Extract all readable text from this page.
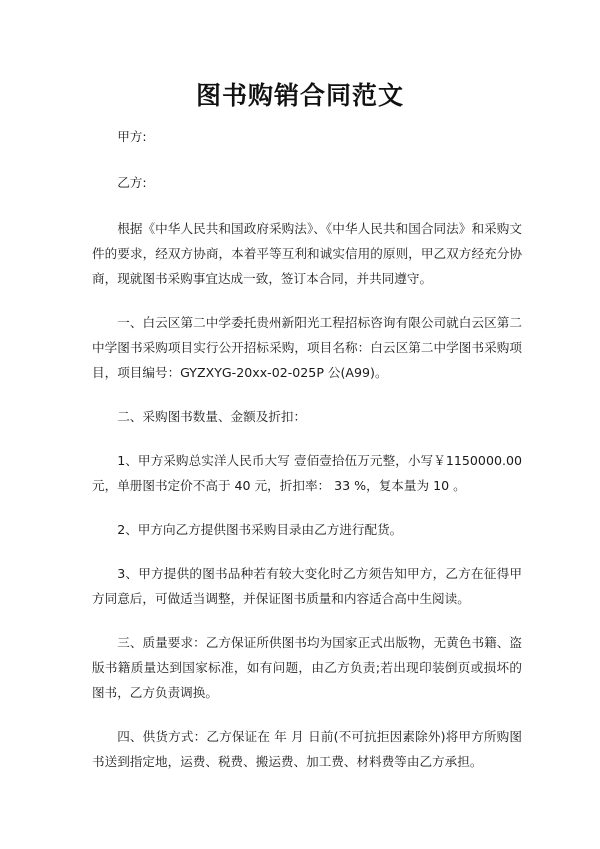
图书购销合同范文

甲方:

乙方:

根据《中华人民共和国政府采购法》、《中华人民共和国合同法》和采购文件的要求，经双方协商，本着平等互利和诚实信用的原则，甲乙双方经充分协商，现就图书采购事宜达成一致，签订本合同，并共同遵守。

一、白云区第二中学委托贵州新阳光工程招标咨询有限公司就白云区第二中学图书采购项目实行公开招标采购，项目名称：白云区第二中学图书采购项目，项目编号：GYZXYG-20xx-02-025P 公(A99)。

二、采购图书数量、金额及折扣：

1、甲方采购总实洋人民币大写 壹佰壹拾伍万元整，小写￥1150000.00 元，单册图书定价不高于 40 元，折扣率： 33 %，复本量为 10 。

2、甲方向乙方提供图书采购目录由乙方进行配货。

3、甲方提供的图书品种若有较大变化时乙方须告知甲方，乙方在征得甲方同意后，可做适当调整，并保证图书质量和内容适合高中生阅读。

三、质量要求：乙方保证所供图书均为国家正式出版物，无黄色书籍、盗版书籍质量达到国家标准，如有问题，由乙方负责;若出现印装倒页或损坏的图书，乙方负责调换。

四、供货方式：乙方保证在 年 月 日前(不可抗拒因素除外)将甲方所购图书送到指定地，运费、税费、搬运费、加工费、材料费等由乙方承担。
